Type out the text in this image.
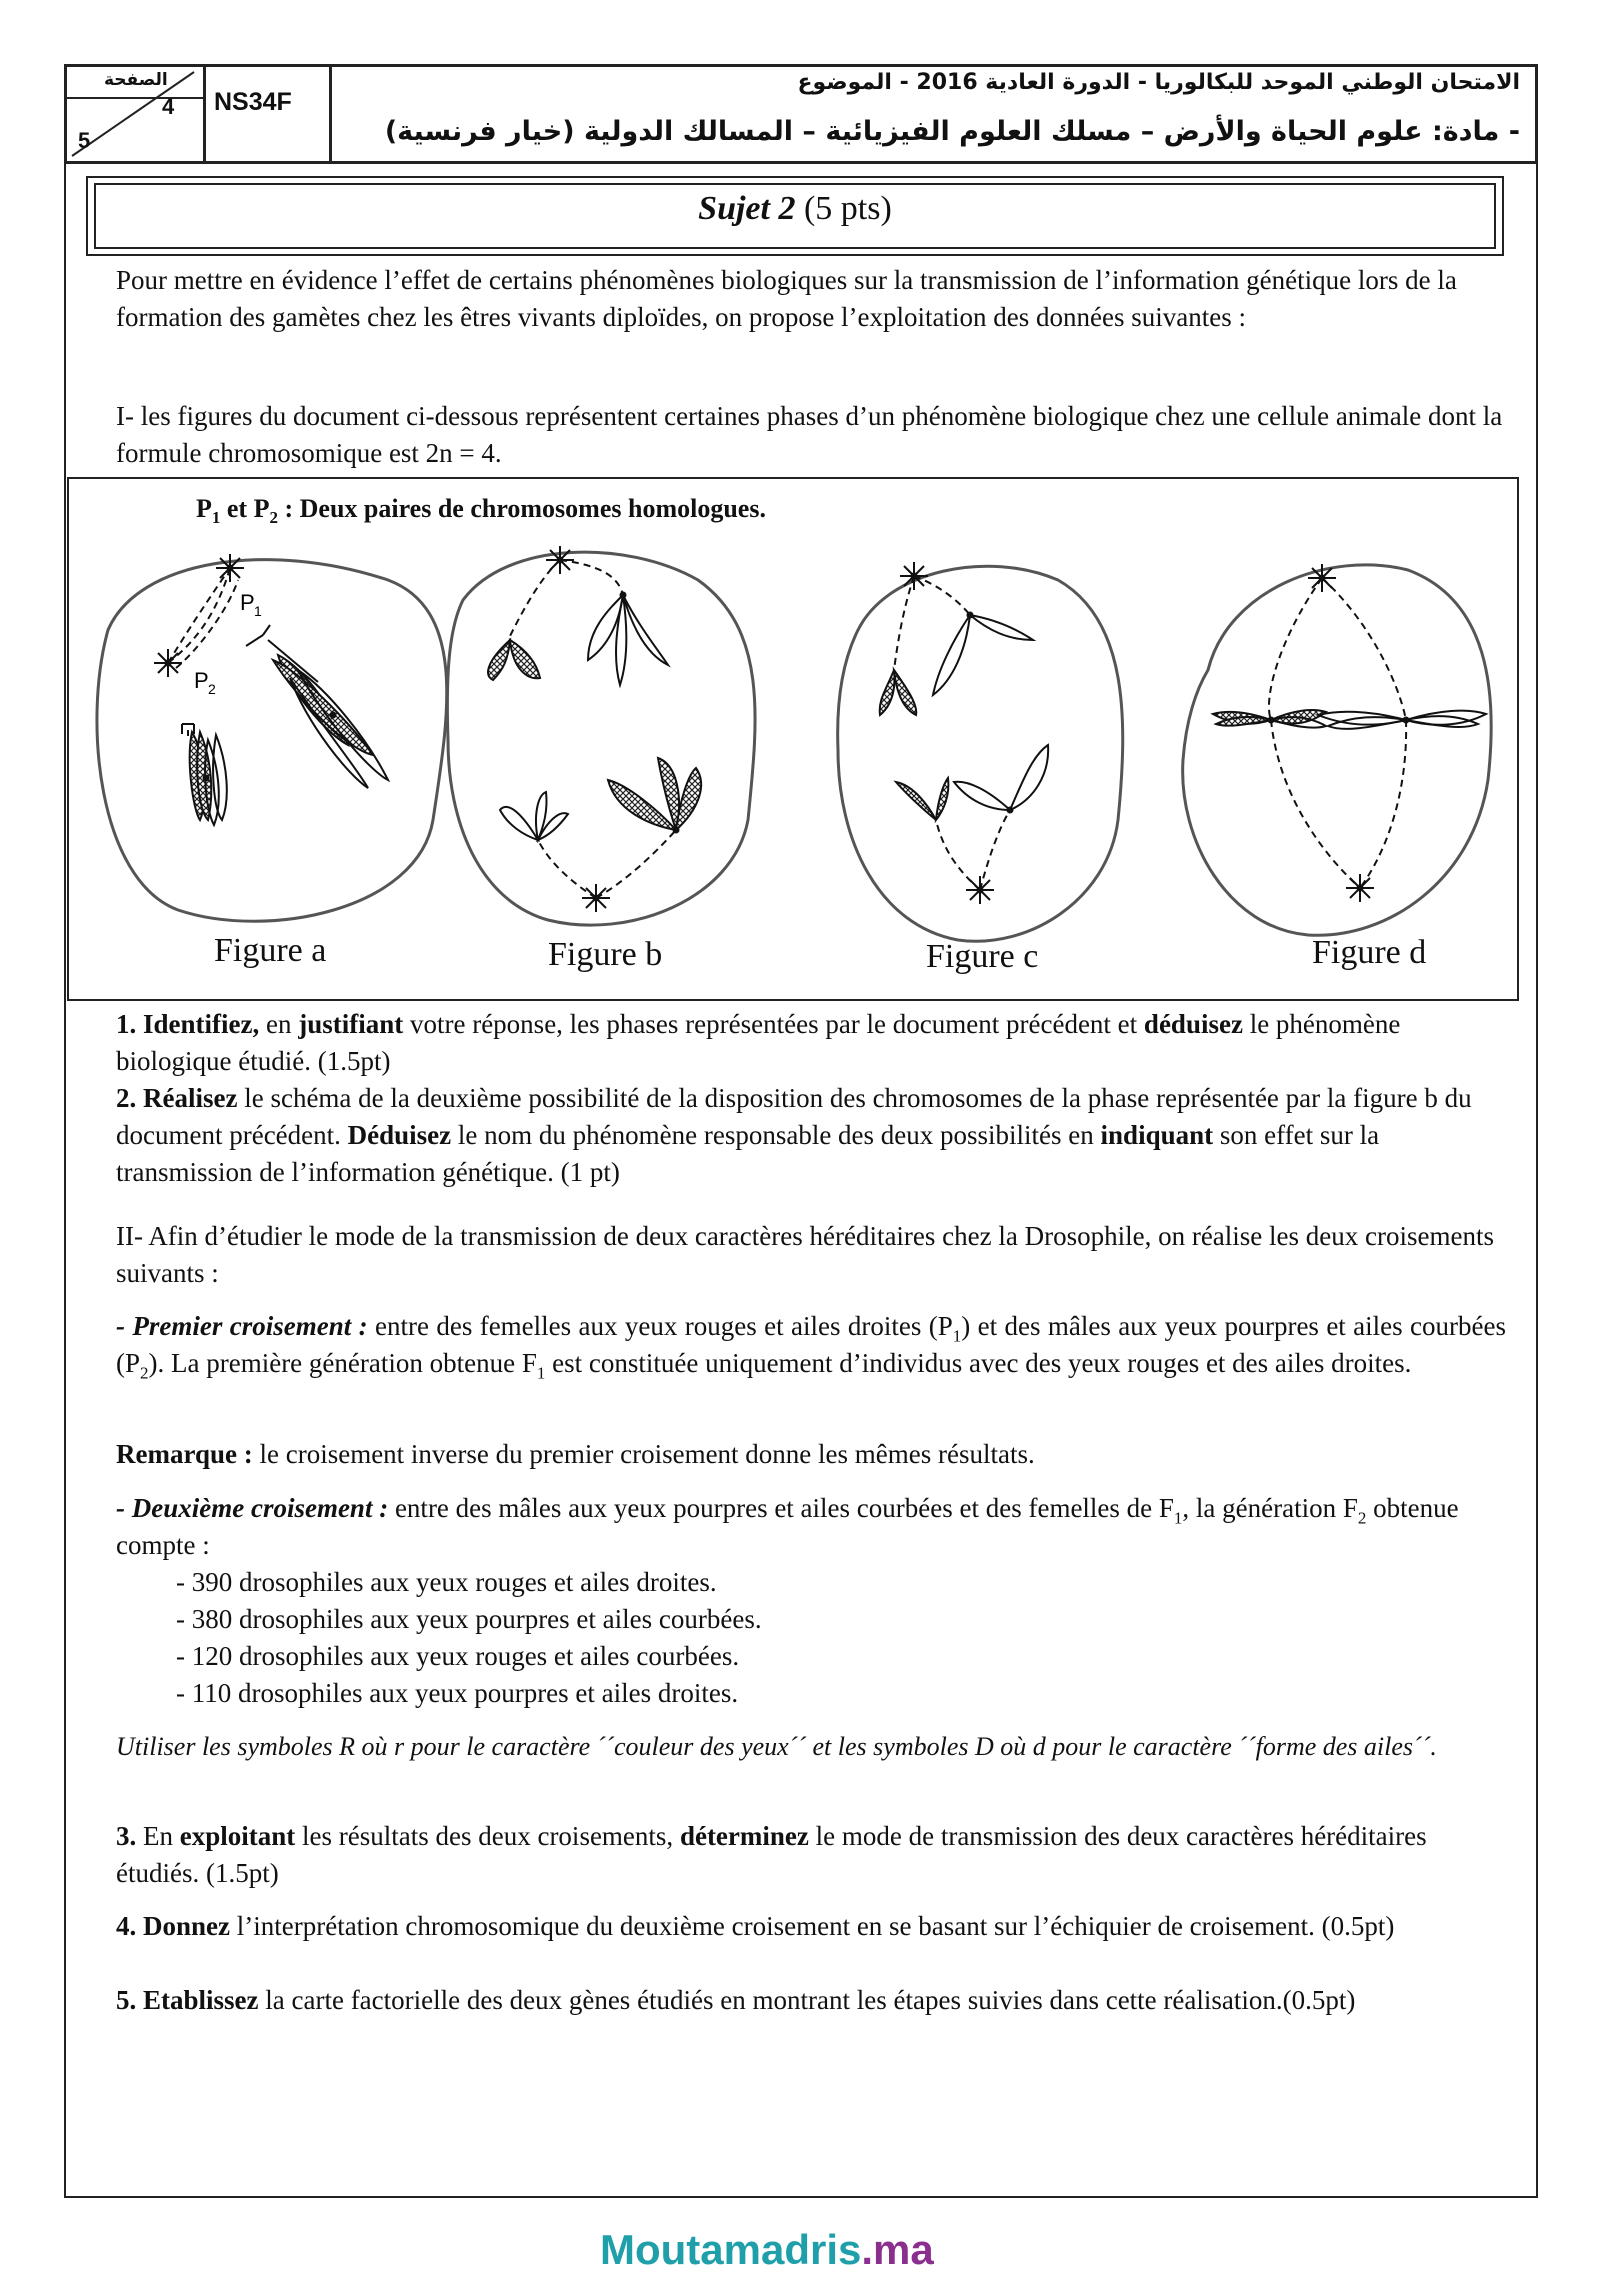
الصفحة
4
5
NS34F
الامتحان الوطني الموحد للبكالوريا - الدورة العادية 2016 - الموضوع
- مادة: علوم الحياة والأرض – مسلك العلوم الفيزيائية – المسالك الدولية (خيار فرنسية)
Sujet 2 (5 pts)

Pour mettre en évidence l’effet de certains phénomènes biologiques sur la transmission de l’information génétique lors de la formation des gamètes chez les êtres vivants diploïdes, on propose l’exploitation des données suivantes :

I- les figures du document ci-dessous représentent certaines phases d’un phénomène biologique chez une cellule animale dont la formule chromosomique est 2n = 4.

$P_1$ et $P_2$ : Deux paires de chromosomes homologues.
P 1
P 2
Figure a	Figure b	Figure c	Figure d

1. Identifiez, en justifiant votre réponse, les phases représentées par le document précédent et déduisez le phénomène biologique étudié. (1.5pt)

2. Réalisez le schéma de la deuxième possibilité de la disposition des chromosomes de la phase représentée par la figure b du document précédent. Déduisez le nom du phénomène responsable des deux possibilités en indiquant son effet sur la transmission de l’information génétique. (1 pt)

II- Afin d’étudier le mode de la transmission de deux caractères héréditaires chez la Drosophile, on réalise les deux croisements suivants :

- Premier croisement : entre des femelles aux yeux rouges et ailes droites $(P_1)$ et des mâles aux yeux pourpres et ailes courbées $(P_2)$. La première génération obtenue $F_1$ est constituée uniquement d’individus avec des yeux rouges et des ailes droites.

Remarque : le croisement inverse du premier croisement donne les mêmes résultats.

- Deuxième croisement : entre des mâles aux yeux pourpres et ailes courbées et des femelles de $F_1$, la génération $F_2$ obtenue compte :

- 390 drosophiles aux yeux rouges et ailes droites.
- 380 drosophiles aux yeux pourpres et ailes courbées.
- 120 drosophiles aux yeux rouges et ailes courbées.
- 110 drosophiles aux yeux pourpres et ailes droites.

Utiliser les symboles R où r pour le caractère ´´couleur des yeux´´ et les symboles D où d pour le caractère ´´forme des ailes´´.

3. En exploitant les résultats des deux croisements, déterminez le mode de transmission des deux caractères héréditaires étudiés. (1.5pt)

4. Donnez l’interprétation chromosomique du deuxième croisement en se basant sur l’échiquier de croisement. (0.5pt)

5. Etablissez la carte factorielle des deux gènes étudiés en montrant les étapes suivies dans cette réalisation.(0.5pt)

Moutamadris.ma
